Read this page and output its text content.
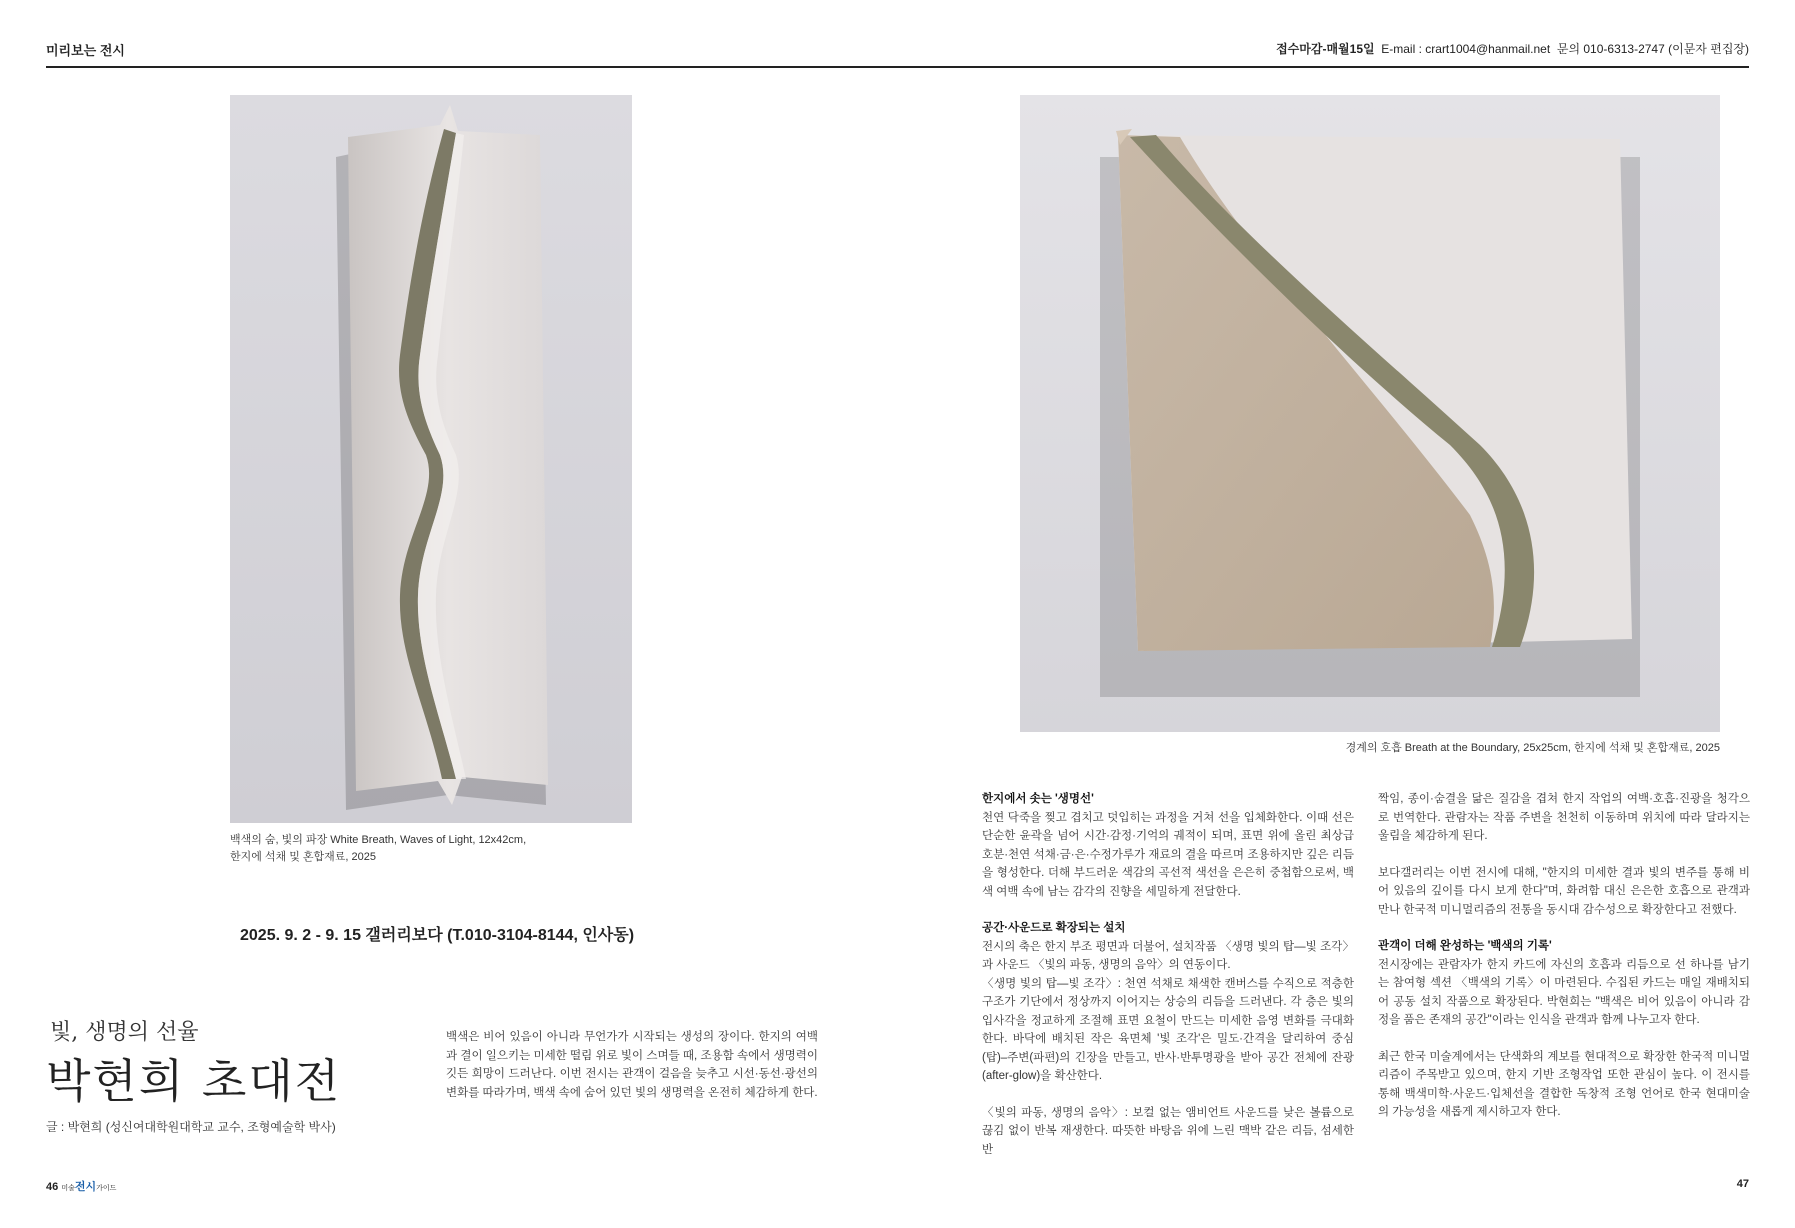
미리보는 전시	접수마감-매월15일 E-mail : crart1004@hanmail.net 문의 010-6313-2747 (이문자 편집장)
백색의 숨, 빛의 파장 White Breath, Waves of Light, 12x42cm,
한지에 석채 및 혼합재료, 2025
경계의 호흡 Breath at the Boundary, 25x25cm, 한지에 석채 및 혼합재료, 2025
2025. 9. 2 - 9. 15 갤러리보다 (T.010-3104-8144, 인사동)
빛, 생명의 선율
박현희 초대전
글 : 박현희 (성신여대학원대학교 교수, 조형예술학 박사)

백색은 비어 있음이 아니라 무언가가 시작되는 생성의 장이다. 한지의 여백과 결이 일으키는 미세한 떨림 위로 빛이 스며들 때, 조용함 속에서 생명력이 깃든 희망이 드러난다. 이번 전시는 관객이 걸음을 늦추고 시선·동선·광선의 변화를 따라가며, 백색 속에 숨어 있던 빛의 생명력을 온전히 체감하게 한다.

한지에서 솟는 '생명선'

천연 닥죽을 찢고 겹치고 덧입히는 과정을 거쳐 선을 입체화한다. 이때 선은 단순한 윤곽을 넘어 시간·감정·기억의 궤적이 되며, 표면 위에 올린 최상급 호분·천연 석채·금·은·수정가루가 재료의 결을 따르며 조용하지만 깊은 리듬을 형성한다. 더해 부드러운 색감의 곡선적 색선을 은은히 중첩함으로써, 백색 여백 속에 남는 감각의 진향을 세밀하게 전달한다.

공간·사운드로 확장되는 설치

전시의 축은 한지 부조 평면과 더불어, 설치작품 〈생명 빛의 탑—빛 조각〉과 사운드 〈빛의 파동, 생명의 음악〉의 연동이다.

〈생명 빛의 탑—빛 조각〉: 천연 석채로 채색한 캔버스를 수직으로 적층한 구조가 기단에서 정상까지 이어지는 상승의 리듬을 드러낸다. 각 층은 빛의 입사각을 정교하게 조절해 표면 요철이 만드는 미세한 음영 변화를 극대화한다. 바닥에 배치된 작은 육면체 '빛 조각'은 밀도·간격을 달리하여 중심(탑)–주변(파편)의 긴장을 만들고, 반사·반투명광을 받아 공간 전체에 잔광(after-glow)을 확산한다.

〈빛의 파동, 생명의 음악〉: 보컬 없는 앰비언트 사운드를 낮은 볼륨으로 끊김 없이 반복 재생한다. 따뜻한 바탕음 위에 느린 맥박 같은 리듬, 섬세한 반

짝임, 종이·숨결을 닮은 질감을 겹쳐 한지 작업의 여백·호흡·진광을 청각으로 번역한다. 관람자는 작품 주변을 천천히 이동하며 위치에 따라 달라지는 울림을 체감하게 된다.

보다갤러리는 이번 전시에 대해, "한지의 미세한 결과 빛의 변주를 통해 비어 있음의 깊이를 다시 보게 한다"며, 화려함 대신 은은한 호흡으로 관객과 만나 한국적 미니멀리즘의 전통을 동시대 감수성으로 확장한다고 전했다.

관객이 더해 완성하는 '백색의 기록'

전시장에는 관람자가 한지 카드에 자신의 호흡과 리듬으로 선 하나를 남기는 참여형 섹션 〈백색의 기록〉이 마련된다. 수집된 카드는 매일 재배치되어 공동 설치 작품으로 확장된다. 박현희는 "백색은 비어 있음이 아니라 감정을 품은 존재의 공간"이라는 인식을 관객과 함께 나누고자 한다.

최근 한국 미술계에서는 단색화의 계보를 현대적으로 확장한 한국적 미니멀리즘이 주목받고 있으며, 한지 기반 조형작업 또한 관심이 높다. 이 전시를 통해 백색미학·사운드·입체선을 결합한 독창적 조형 언어로 한국 현대미술의 가능성을 새롭게 제시하고자 한다.

46 미술전시가이드	47
